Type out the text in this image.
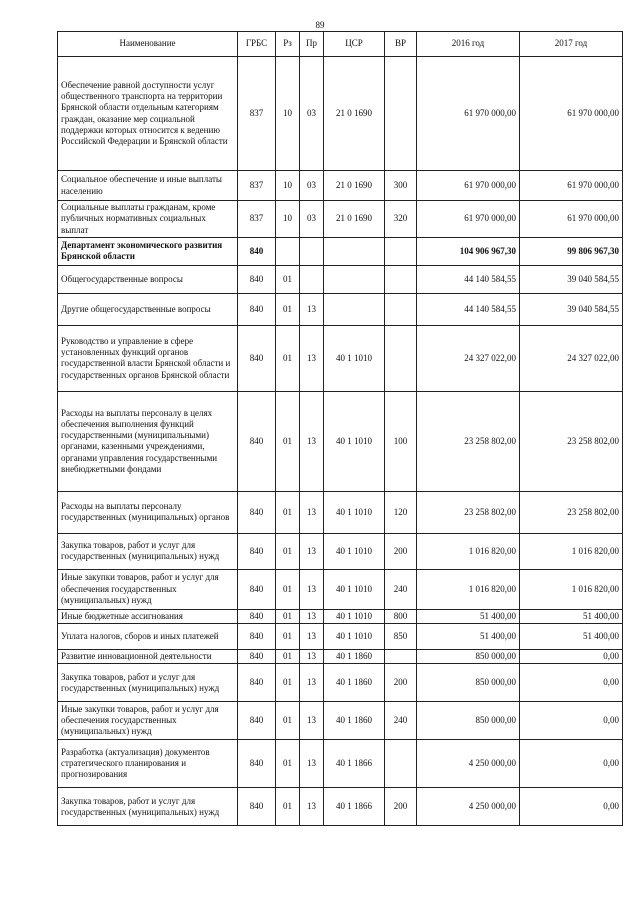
89
Наименование	ГРБС	Рз	Пр	ЦСР	ВР	2016 год	2017 год
Обеспечение равной доступности услуг общественного транспорта на территории Брянской области отдельным категориям граждан, оказание мер социальной поддержки которых относится к ведению Российской Федерации и Брянской области	837	10	03	21 0 1690		61 970 000,00	61 970 000,00
Социальное обеспечение и иные выплаты населению	837	10	03	21 0 1690	300	61 970 000,00	61 970 000,00
Социальные выплаты гражданам, кроме публичных нормативных социальных выплат	837	10	03	21 0 1690	320	61 970 000,00	61 970 000,00
Департамент экономического развития Брянской области	840					104 906 967,30	99 806 967,30
Общегосударственные вопросы	840	01				44 140 584,55	39 040 584,55
Другие общегосударственные вопросы	840	01	13			44 140 584,55	39 040 584,55
Руководство и управление в сфере установленных функций органов государственной власти Брянской области и государственных органов Брянской области	840	01	13	40 1 1010		24 327 022,00	24 327 022,00
Расходы на выплаты персоналу в целях обеспечения выполнения функций государственными (муниципальными) органами, казенными учреждениями, органами управления государственными внебюджетными фондами	840	01	13	40 1 1010	100	23 258 802,00	23 258 802,00
Расходы на выплаты персоналу государственных (муниципальных) органов	840	01	13	40 1 1010	120	23 258 802,00	23 258 802,00
Закупка товаров, работ и услуг для государственных (муниципальных) нужд	840	01	13	40 1 1010	200	1 016 820,00	1 016 820,00
Иные закупки товаров, работ и услуг для обеспечения государственных (муниципальных) нужд	840	01	13	40 1 1010	240	1 016 820,00	1 016 820,00
Иные бюджетные ассигнования	840	01	13	40 1 1010	800	51 400,00	51 400,00
Уплата налогов, сборов и иных платежей	840	01	13	40 1 1010	850	51 400,00	51 400,00
Развитие инновационной деятельности	840	01	13	40 1 1860		850 000,00	0,00
Закупка товаров, работ и услуг для государственных (муниципальных) нужд	840	01	13	40 1 1860	200	850 000,00	0,00
Иные закупки товаров, работ и услуг для обеспечения государственных (муниципальных) нужд	840	01	13	40 1 1860	240	850 000,00	0,00
Разработка (актуализация) документов стратегического планирования и прогнозирования	840	01	13	40 1 1866		4 250 000,00	0,00
Закупка товаров, работ и услуг для государственных (муниципальных) нужд	840	01	13	40 1 1866	200	4 250 000,00	0,00
